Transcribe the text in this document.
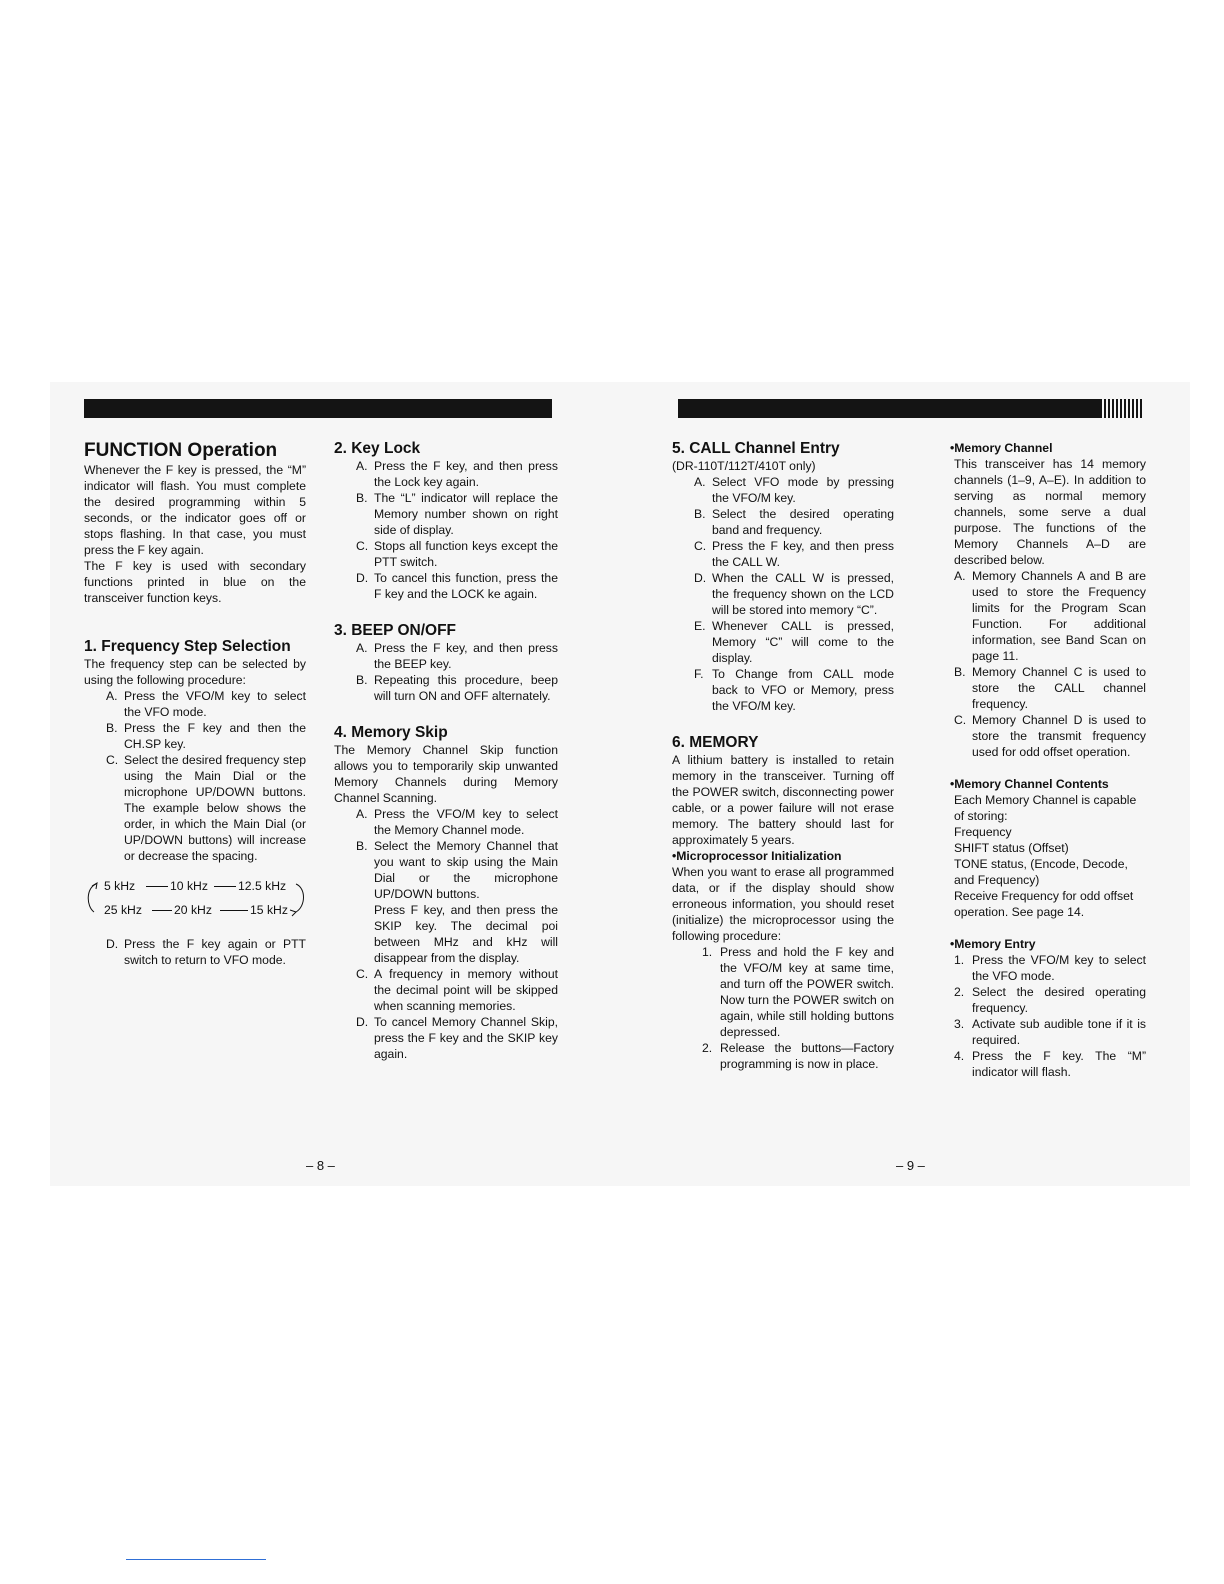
FUNCTION Operation

Whenever the F key is pressed, the “M” indicator will flash. You must complete the desired programming within 5 seconds, or the indicator goes off or stops flashing. In that case, you must press the F key again.

The F key is used with secondary functions printed in blue on the transceiver function keys.

1. Frequency Step Selection

The frequency step can be selected by using the following procedure:

A. Press the VFO/M key to select the VFO mode.
B. Press the F key and then the CH.SP key.
C. Select the desired frequency step using the Main Dial or the microphone UP/DOWN buttons. The example below shows the order, in which the Main Dial (or UP/DOWN buttons) will increase or decrease the spacing.
5 kHz	10 kHz 12.5 kHz
25 kHz	20 kHz	15 kHz
D. Press the F key again or PTT switch to return to VFO mode.

2. Key Lock

A. Press the F key, and then press the Lock key again.
B. The “L” indicator will replace the Memory number shown on right side of display.
C. Stops all function keys except the PTT switch.
D. To cancel this function, press the F key and the LOCK ke again.

3. BEEP ON/OFF

A. Press the F key, and then press the BEEP key.
B. Repeating this procedure, beep will turn ON and OFF alternately.

4. Memory Skip

The Memory Channel Skip function allows you to temporarily skip unwanted Memory Channels during Memory Channel Scanning.

A. Press the VFO/M key to select the Memory Channel mode.
B. Select the Memory Channel that you want to skip using the Main Dial or the microphone UP/DOWN buttons.
Press F key, and then press the SKIP key. The decimal poi between MHz and kHz will disappear from the display.
C. A frequency in memory without the decimal point will be skipped when scanning memories.
D. To cancel Memory Channel Skip, press the F key and the SKIP key again.
– 8 –

5. CALL Channel Entry

(DR-110T/112T/410T only)

A. Select VFO mode by pressing the VFO/M key.
B. Select the desired operating band and frequency.
C. Press the F key, and then press the CALL W.
D. When the CALL W is pressed, the frequency shown on the LCD will be stored into memory “C”.
E. Whenever CALL is pressed, Memory “C” will come to the display.
F. To Change from CALL mode back to VFO or Memory, press the VFO/M key.

6. MEMORY

A lithium battery is installed to retain memory in the transceiver. Turning off the POWER switch, disconnecting power cable, or a power failure will not erase memory. The battery should last for approximately 5 years.

•Microprocessor Initialization

When you want to erase all programmed data, or if the display should show erroneous information, you should reset (initialize) the microprocessor using the following procedure:

1. Press and hold the F key and the VFO/M key at same time, and turn off the POWER switch. Now turn the POWER switch on again, while still holding buttons depressed.
2. Release the buttons—Factory programming is now in place.

•Memory Channel

This transceiver has 14 memory channels (1–9, A–E). In addition to serving as normal memory channels, some serve a dual purpose. The functions of the Memory Channels A–D are described below.

A. Memory Channels A and B are used to store the Frequency limits for the Program Scan Function. For additional information, see Band Scan on page 11.
B. Memory Channel C is used to store the CALL channel frequency.
C. Memory Channel D is used to store the transmit frequency used for odd offset operation.

•Memory Channel Contents

Each Memory Channel is capable of storing:

Frequency

SHIFT status (Offset)

TONE status, (Encode, Decode, and Frequency)

Receive Frequency for odd offset operation. See page 14.

•Memory Entry

1. Press the VFO/M key to select the VFO mode.
2. Select the desired operating frequency.
3. Activate sub audible tone if it is required.
4. Press the F key. The “M” indicator will flash.
– 9 –
